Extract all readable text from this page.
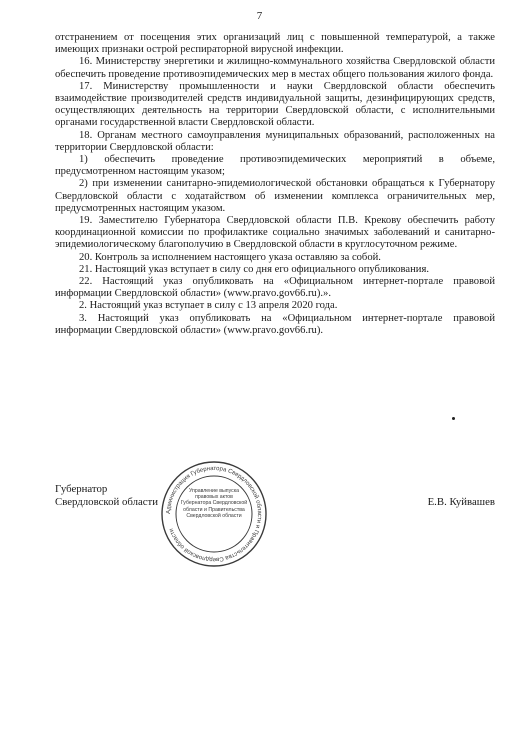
7

отстранением от посещения этих организаций лиц с повышенной температурой, а также имеющих признаки острой респираторной вирусной инфекции.

16. Министерству энергетики и жилищно-коммунального хозяйства Свердловской области обеспечить проведение противоэпидемических мер в местах общего пользования жилого фонда.

17. Министерству промышленности и науки Свердловской области обеспечить взаимодействие производителей средств индивидуальной защиты, дезинфицирующих средств, осуществляющих деятельность на территории Свердловской области, с исполнительными органами государственной власти Свердловской области.

18. Органам местного самоуправления муниципальных образований, расположенных на территории Свердловской области:

1) обеспечить проведение противоэпидемических мероприятий в объеме, предусмотренном настоящим указом;

2) при изменении санитарно-эпидемиологической обстановки обращаться к Губернатору Свердловской области с ходатайством об изменении комплекса ограничительных мер, предусмотренных настоящим указом.

19. Заместителю Губернатора Свердловской области П.В. Крекову обеспечить работу координационной комиссии по профилактике социально значимых заболеваний и санитарно-эпидемиологическому благополучию в Свердловской области в круглосуточном режиме.

20. Контроль за исполнением настоящего указа оставляю за собой.

21. Настоящий указ вступает в силу со дня его официального опубликования.

22. Настоящий указ опубликовать на «Официальном интернет-портале правовой информации Свердловской области» (www.pravo.gov66.ru).».

2. Настоящий указ вступает в силу с 13 апреля 2020 года.

3. Настоящий указ опубликовать на «Официальном интернет-портале правовой информации Свердловской области» (www.pravo.gov66.ru).

Губернатор
Свердловской области	Е.В. Куйвашев
Администрация Губернатора Свердловской области и Правительства Свердловской области
Управление выпуска правовых актов Губернатора Свердловской области и Правительства Свердловской области
